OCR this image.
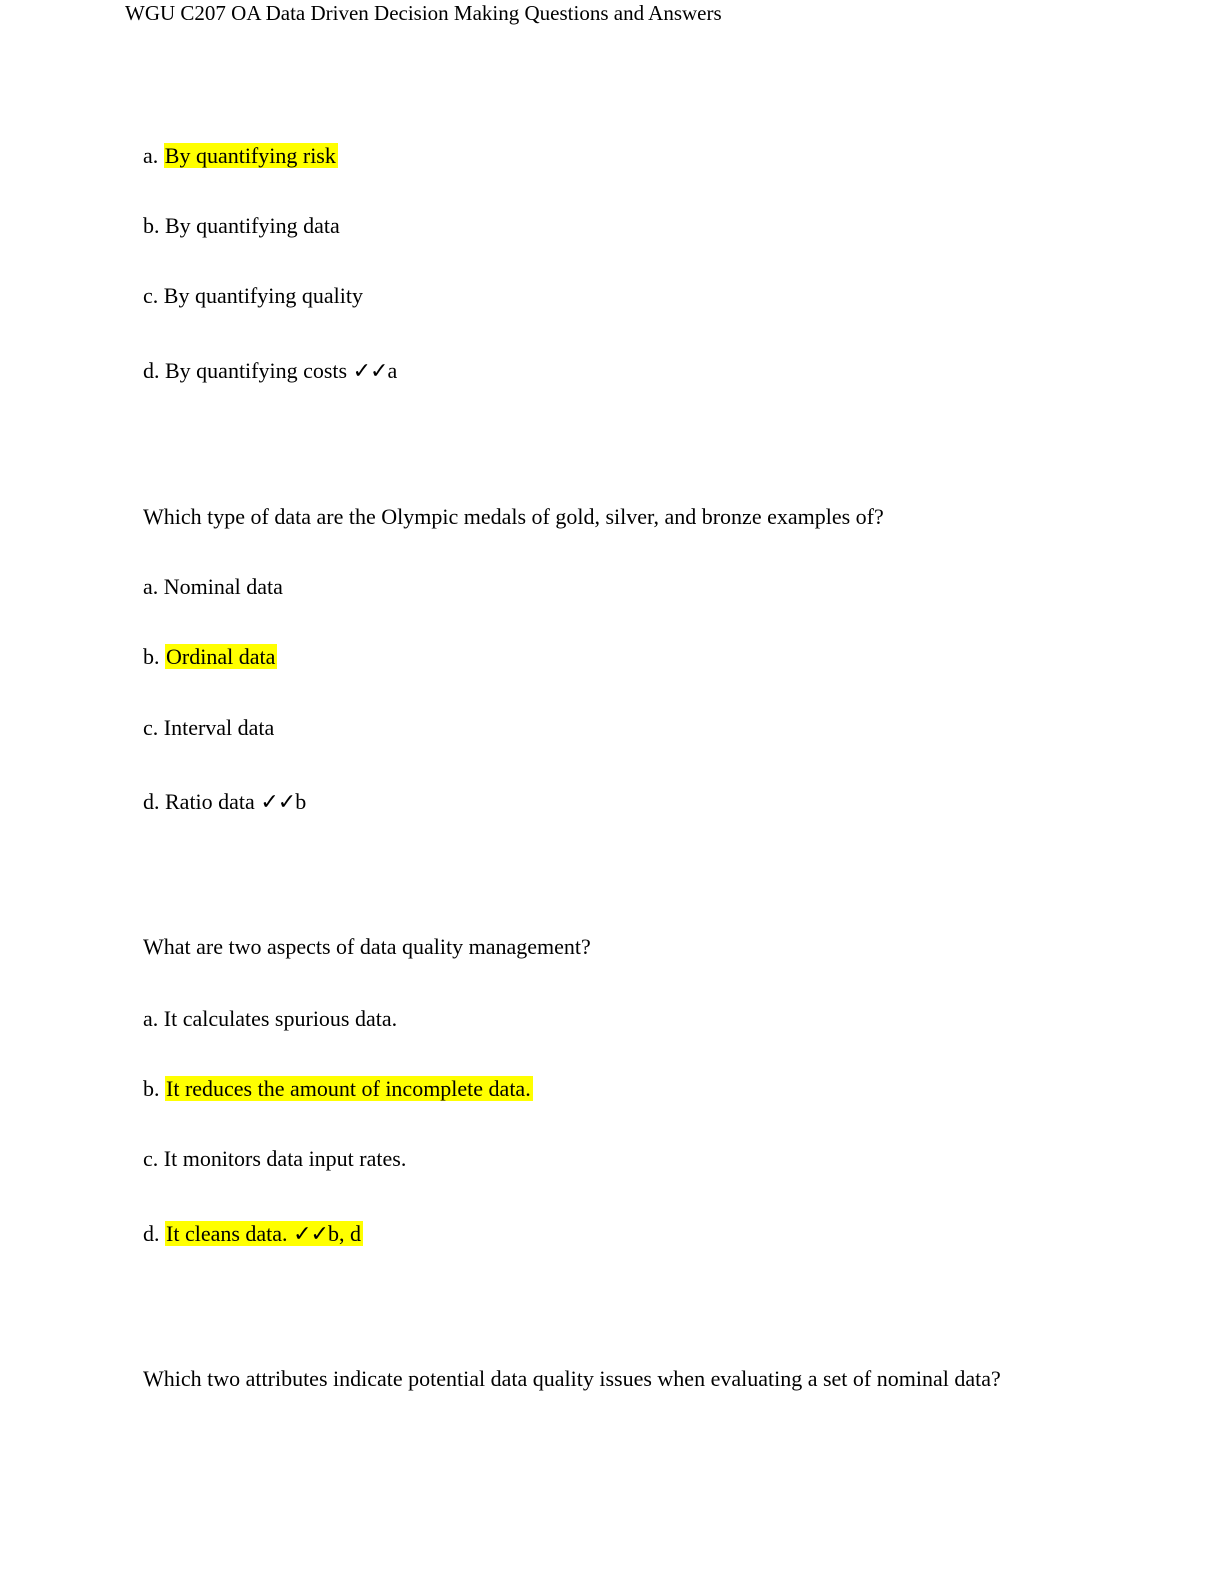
WGU C207 OA Data Driven Decision Making Questions and Answers
a. By quantifying risk
b. By quantifying data
c. By quantifying quality
d. By quantifying costs ✓✓a
Which type of data are the Olympic medals of gold, silver, and bronze examples of?
a. Nominal data
b. Ordinal data
c. Interval data
d. Ratio data ✓✓b
What are two aspects of data quality management?
a. It calculates spurious data.
b. It reduces the amount of incomplete data.
c. It monitors data input rates.
d. It cleans data. ✓✓b, d
Which two attributes indicate potential data quality issues when evaluating a set of nominal data?
